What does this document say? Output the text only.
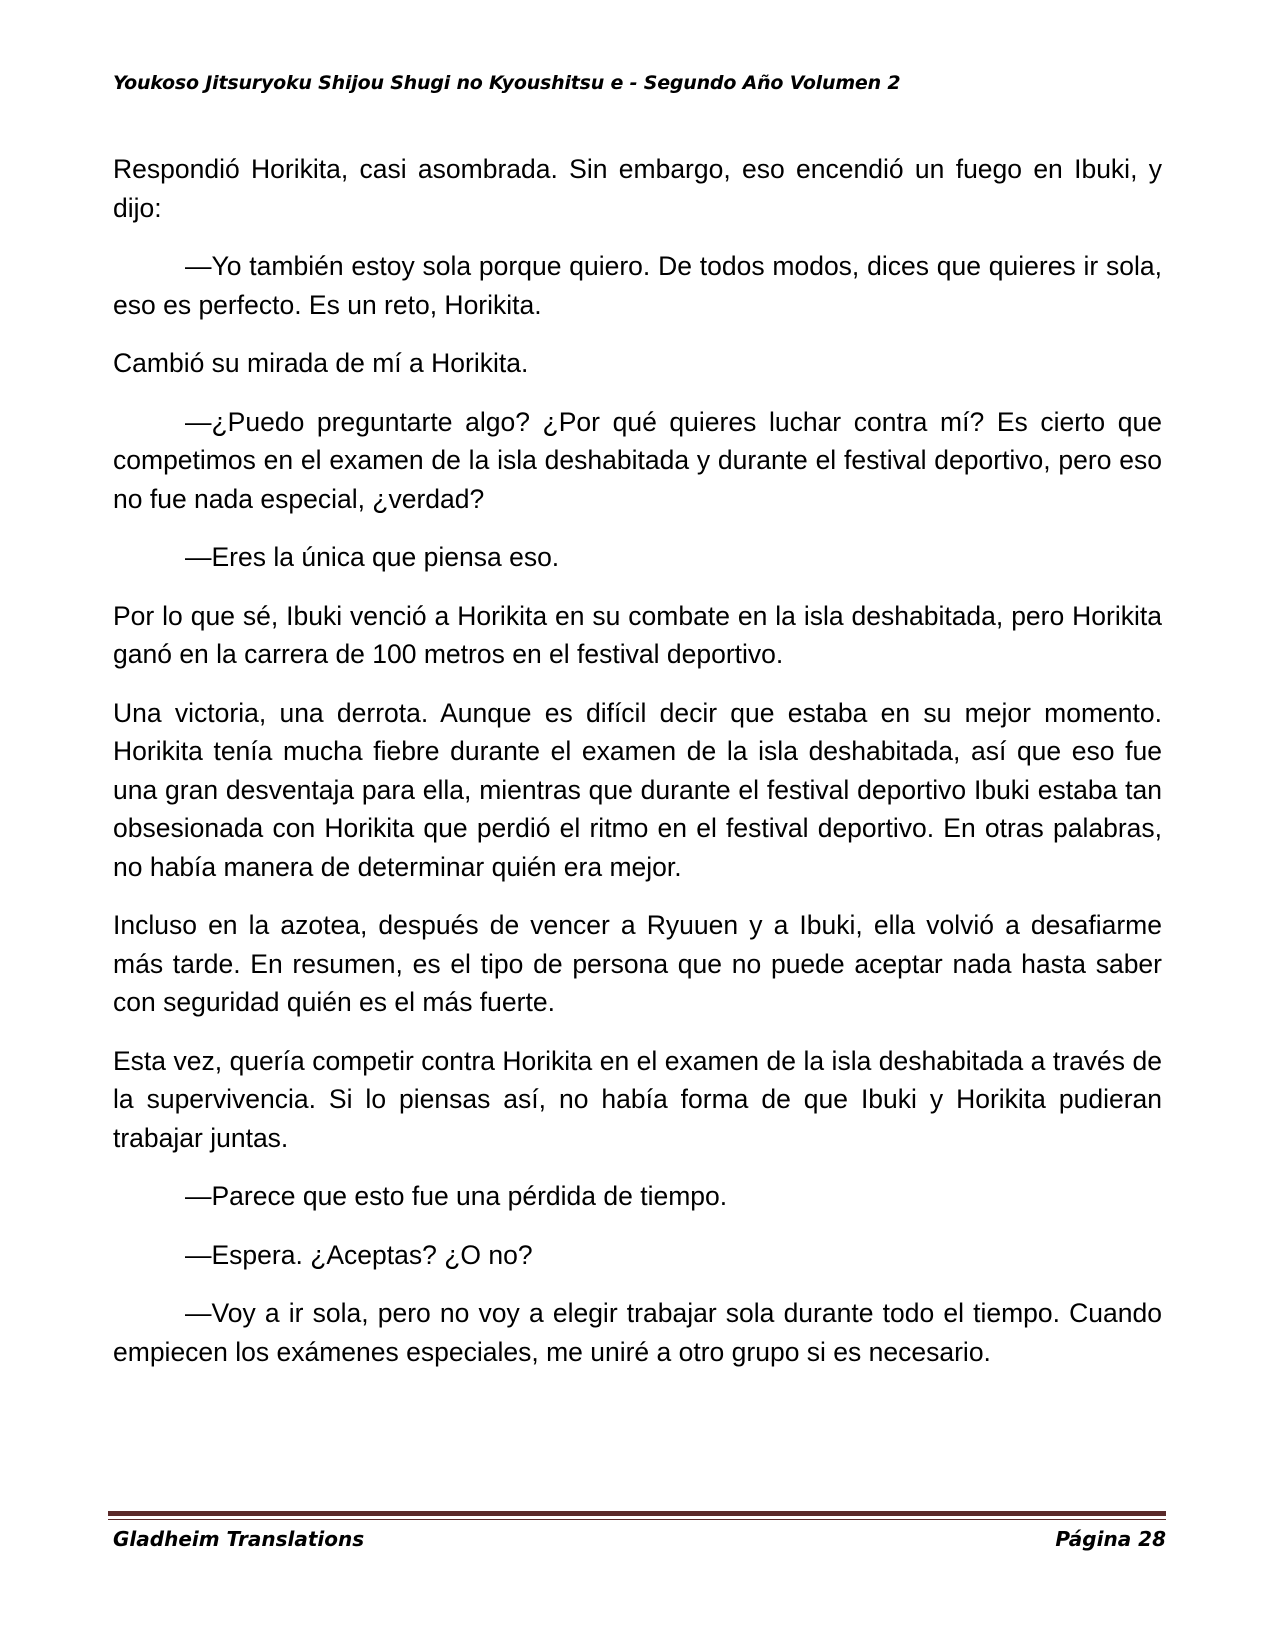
Youkoso Jitsuryoku Shijou Shugi no Kyoushitsu e - Segundo Año Volumen 2

Respondió Horikita, casi asombrada. Sin embargo, eso encendió un fuego en Ibuki, y dijo:

—Yo también estoy sola porque quiero. De todos modos, dices que quieres ir sola, eso es perfecto. Es un reto, Horikita.

Cambió su mirada de mí a Horikita.

—¿Puedo preguntarte algo? ¿Por qué quieres luchar contra mí? Es cierto que competimos en el examen de la isla deshabitada y durante el festival deportivo, pero eso no fue nada especial, ¿verdad?

—Eres la única que piensa eso.

Por lo que sé, Ibuki venció a Horikita en su combate en la isla deshabitada, pero Horikita ganó en la carrera de 100 metros en el festival deportivo.

Una victoria, una derrota. Aunque es difícil decir que estaba en su mejor momento. Horikita tenía mucha fiebre durante el examen de la isla deshabitada, así que eso fue una gran desventaja para ella, mientras que durante el festival deportivo Ibuki estaba tan obsesionada con Horikita que perdió el ritmo en el festival deportivo. En otras palabras, no había manera de determinar quién era mejor.

Incluso en la azotea, después de vencer a Ryuuen y a Ibuki, ella volvió a desafiarme más tarde. En resumen, es el tipo de persona que no puede aceptar nada hasta saber con seguridad quién es el más fuerte.

Esta vez, quería competir contra Horikita en el examen de la isla deshabitada a través de la supervivencia. Si lo piensas así, no había forma de que Ibuki y Horikita pudieran trabajar juntas.

—Parece que esto fue una pérdida de tiempo.

—Espera. ¿Aceptas? ¿O no?

—Voy a ir sola, pero no voy a elegir trabajar sola durante todo el tiempo. Cuando empiecen los exámenes especiales, me uniré a otro grupo si es necesario.

Gladheim Translations	Página 28
